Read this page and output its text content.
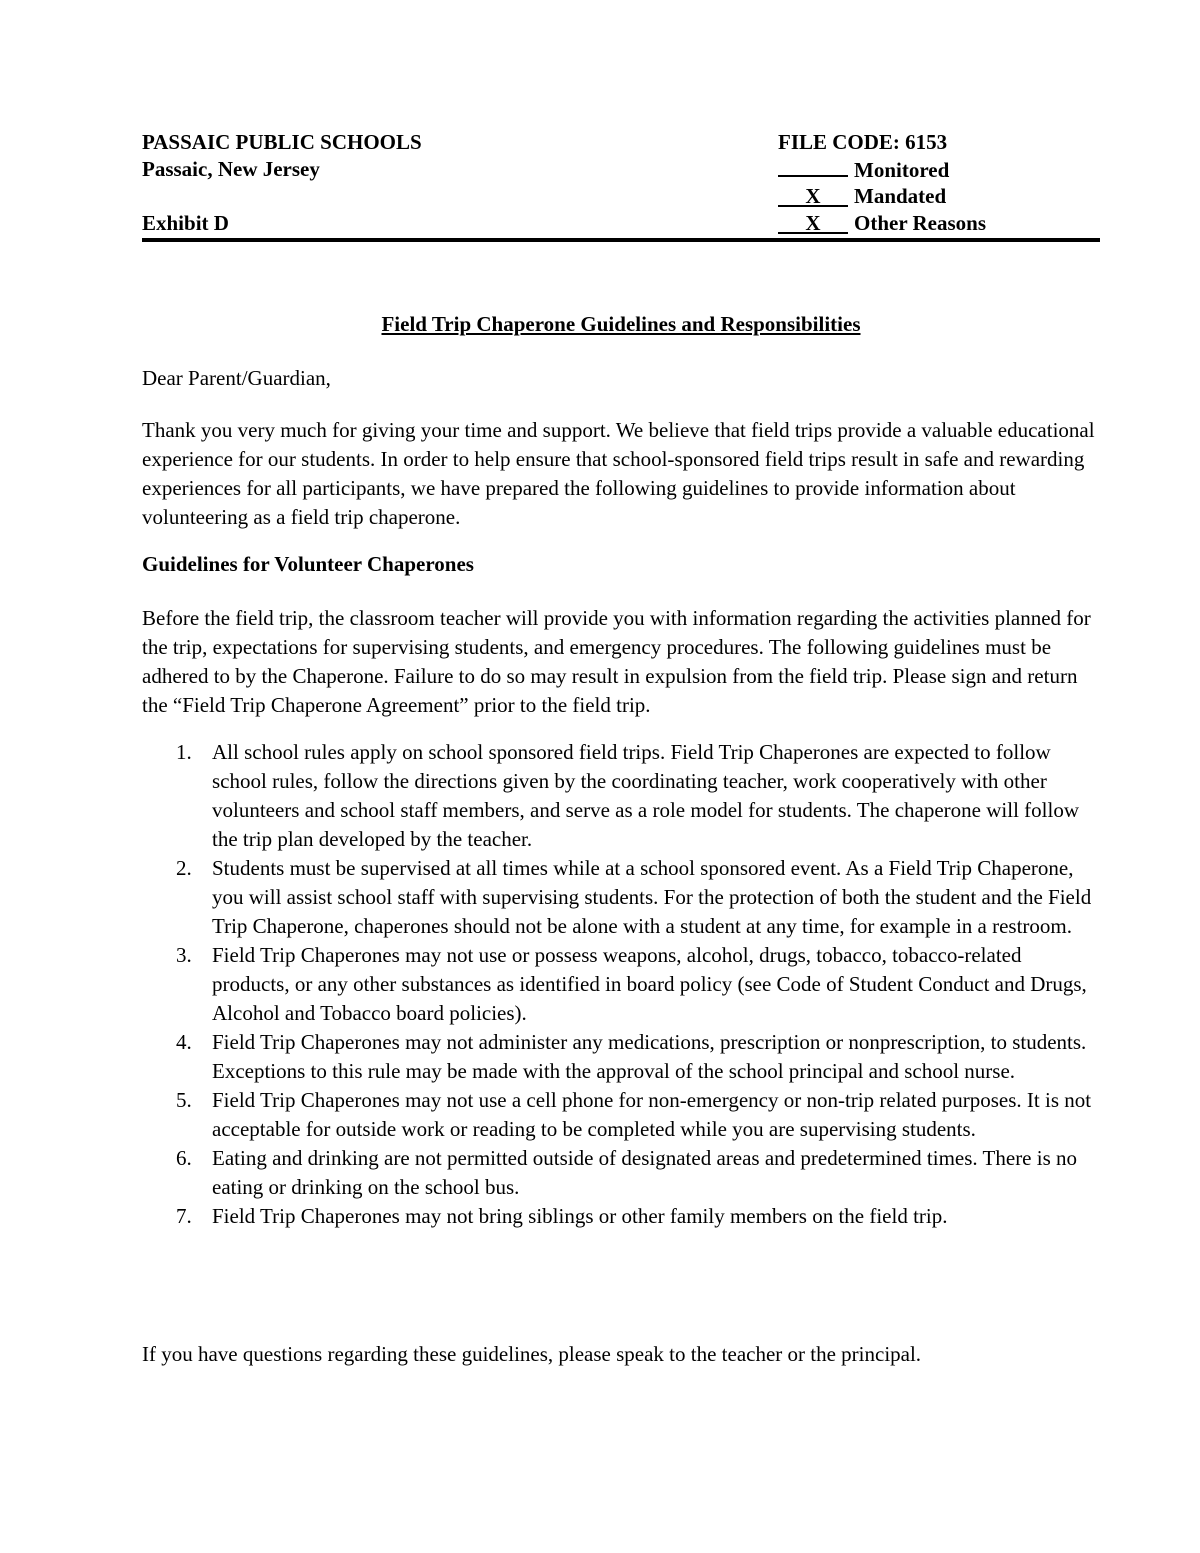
PASSAIC PUBLIC SCHOOLS
Passaic, New Jersey

Exhibit D
FILE CODE: 6153
Monitored
X Mandated
X Other Reasons
Field Trip Chaperone Guidelines and Responsibilities
Dear Parent/Guardian,

Thank you very much for giving your time and support. We believe that field trips provide a valuable educational experience for our students. In order to help ensure that school-sponsored field trips result in safe and rewarding experiences for all participants, we have prepared the following guidelines to provide information about volunteering as a field trip chaperone.

Guidelines for Volunteer Chaperones

Before the field trip, the classroom teacher will provide you with information regarding the activities planned for the trip, expectations for supervising students, and emergency procedures. The following guidelines must be adhered to by the Chaperone. Failure to do so may result in expulsion from the field trip. Please sign and return the “Field Trip Chaperone Agreement” prior to the field trip.

1. All school rules apply on school sponsored field trips. Field Trip Chaperones are expected to follow school rules, follow the directions given by the coordinating teacher, work cooperatively with other volunteers and school staff members, and serve as a role model for students. The chaperone will follow the trip plan developed by the teacher.
2. Students must be supervised at all times while at a school sponsored event. As a Field Trip Chaperone, you will assist school staff with supervising students. For the protection of both the student and the Field Trip Chaperone, chaperones should not be alone with a student at any time, for example in a restroom.
3. Field Trip Chaperones may not use or possess weapons, alcohol, drugs, tobacco, tobacco-related products, or any other substances as identified in board policy (see Code of Student Conduct and Drugs, Alcohol and Tobacco board policies).
4. Field Trip Chaperones may not administer any medications, prescription or nonprescription, to students. Exceptions to this rule may be made with the approval of the school principal and school nurse.
5. Field Trip Chaperones may not use a cell phone for non-emergency or non-trip related purposes. It is not acceptable for outside work or reading to be completed while you are supervising students.
6. Eating and drinking are not permitted outside of designated areas and predetermined times. There is no eating or drinking on the school bus.
7. Field Trip Chaperones may not bring siblings or other family members on the field trip.
If you have questions regarding these guidelines, please speak to the teacher or the principal.
